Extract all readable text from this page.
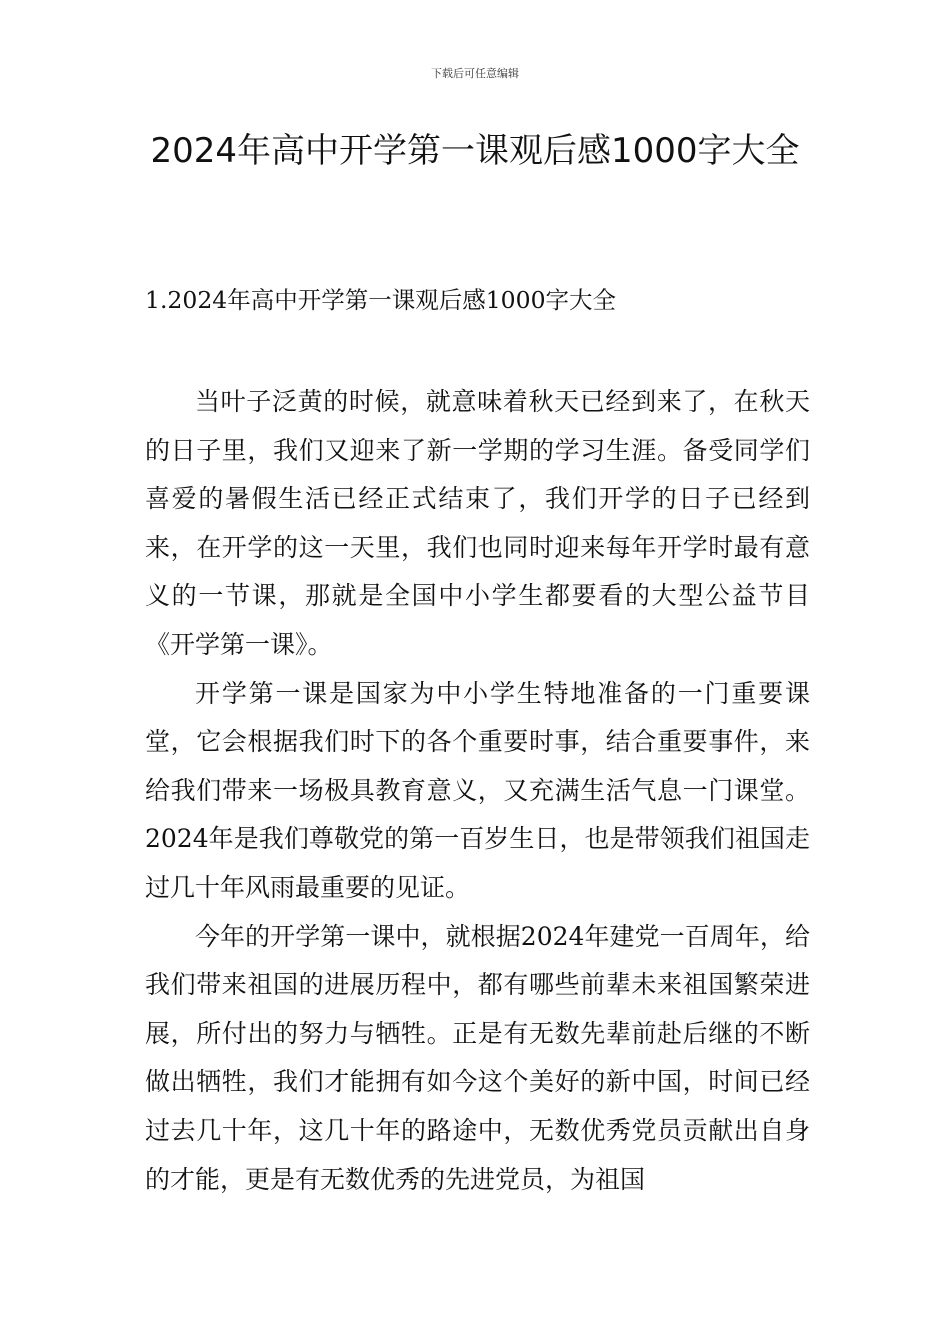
下载后可任意编辑
2024年高中开学第一课观后感1000字大全
1.2024年高中开学第一课观后感1000字大全

当叶子泛黄的时候，就意味着秋天已经到来了，在秋天的日子里，我们又迎来了新一学期的学习生涯。备受同学们喜爱的暑假生活已经正式结束了，我们开学的日子已经到来，在开学的这一天里，我们也同时迎来每年开学时最有意义的一节课，那就是全国中小学生都要看的大型公益节目《开学第一课》。

开学第一课是国家为中小学生特地准备的一门重要课堂，它会根据我们时下的各个重要时事，结合重要事件，来给我们带来一场极具教育意义，又充满生活气息一门课堂。2024年是我们尊敬党的第一百岁生日，也是带领我们祖国走过几十年风雨最重要的见证。

今年的开学第一课中，就根据2024年建党一百周年，给我们带来祖国的进展历程中，都有哪些前辈未来祖国繁荣进展，所付出的努力与牺牲。正是有无数先辈前赴后继的不断做出牺牲，我们才能拥有如今这个美好的新中国，时间已经过去几十年，这几十年的路途中，无数优秀党员贡献出自身的才能，更是有无数优秀的先进党员，为祖国
